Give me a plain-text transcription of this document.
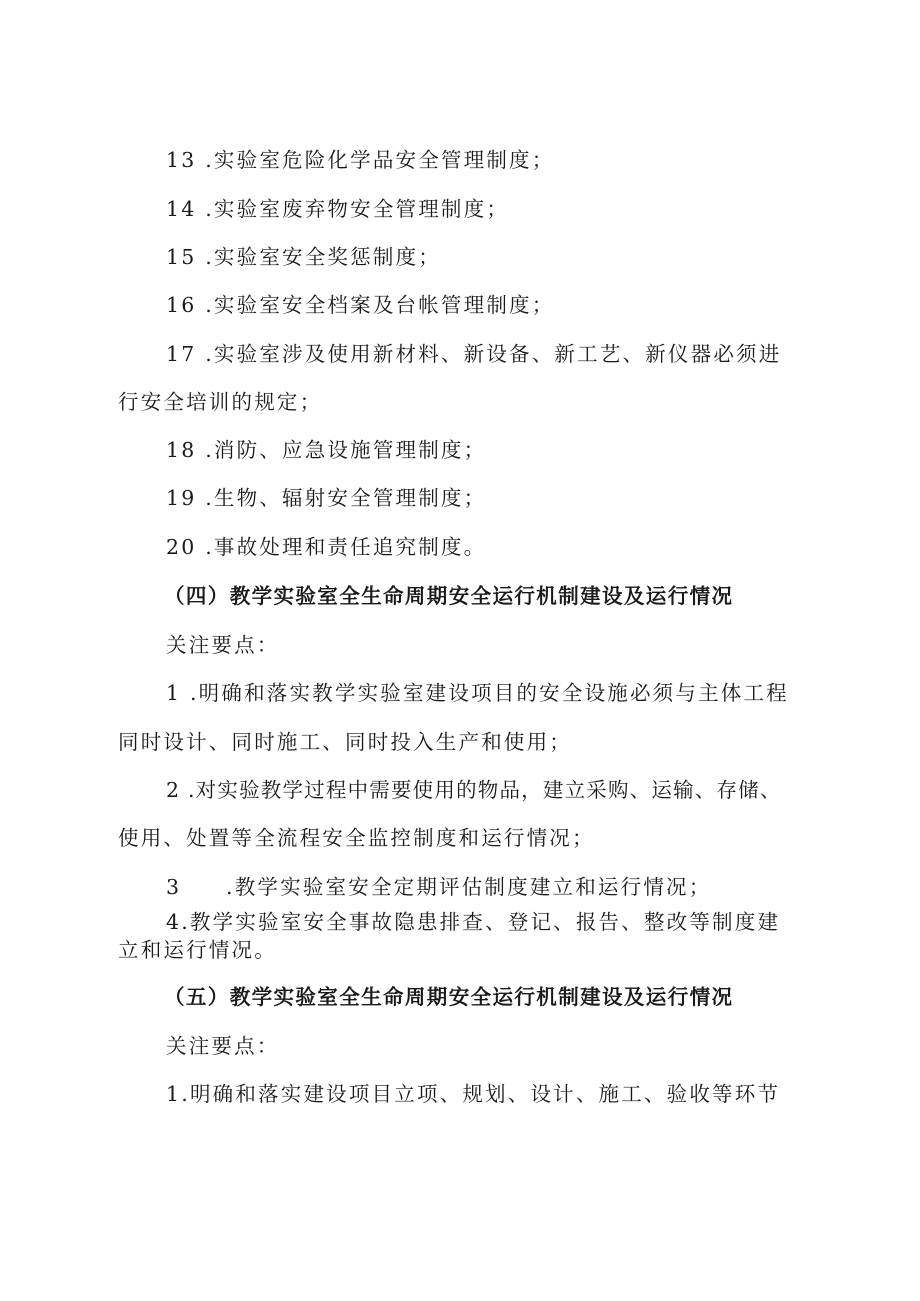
13 .实验室危险化学品安全管理制度；
14 .实验室废弃物安全管理制度；
15 .实验室安全奖惩制度；
16 .实验室安全档案及台帐管理制度；
17 .实验室涉及使用新材料、新设备、新工艺、新仪器必须进
行安全培训的规定；
18 .消防、应急设施管理制度；
19 .生物、辐射安全管理制度；
20 .事故处理和责任追究制度。
（四）教学实验室全生命周期安全运行机制建设及运行情况
关注要点：
1 .明确和落实教学实验室建设项目的安全设施必须与主体工程
同时设计、同时施工、同时投入生产和使用；
2 .对实验教学过程中需要使用的物品，建立采购、运输、存储、
使用、处置等全流程安全监控制度和运行情况；
3 .教学实验室安全定期评估制度建立和运行情况；
4.教学实验室安全事故隐患排查、登记、报告、整改等制度建
立和运行情况。
（五）教学实验室全生命周期安全运行机制建设及运行情况
关注要点：
1.明确和落实建设项目立项、规划、设计、施工、验收等环节
